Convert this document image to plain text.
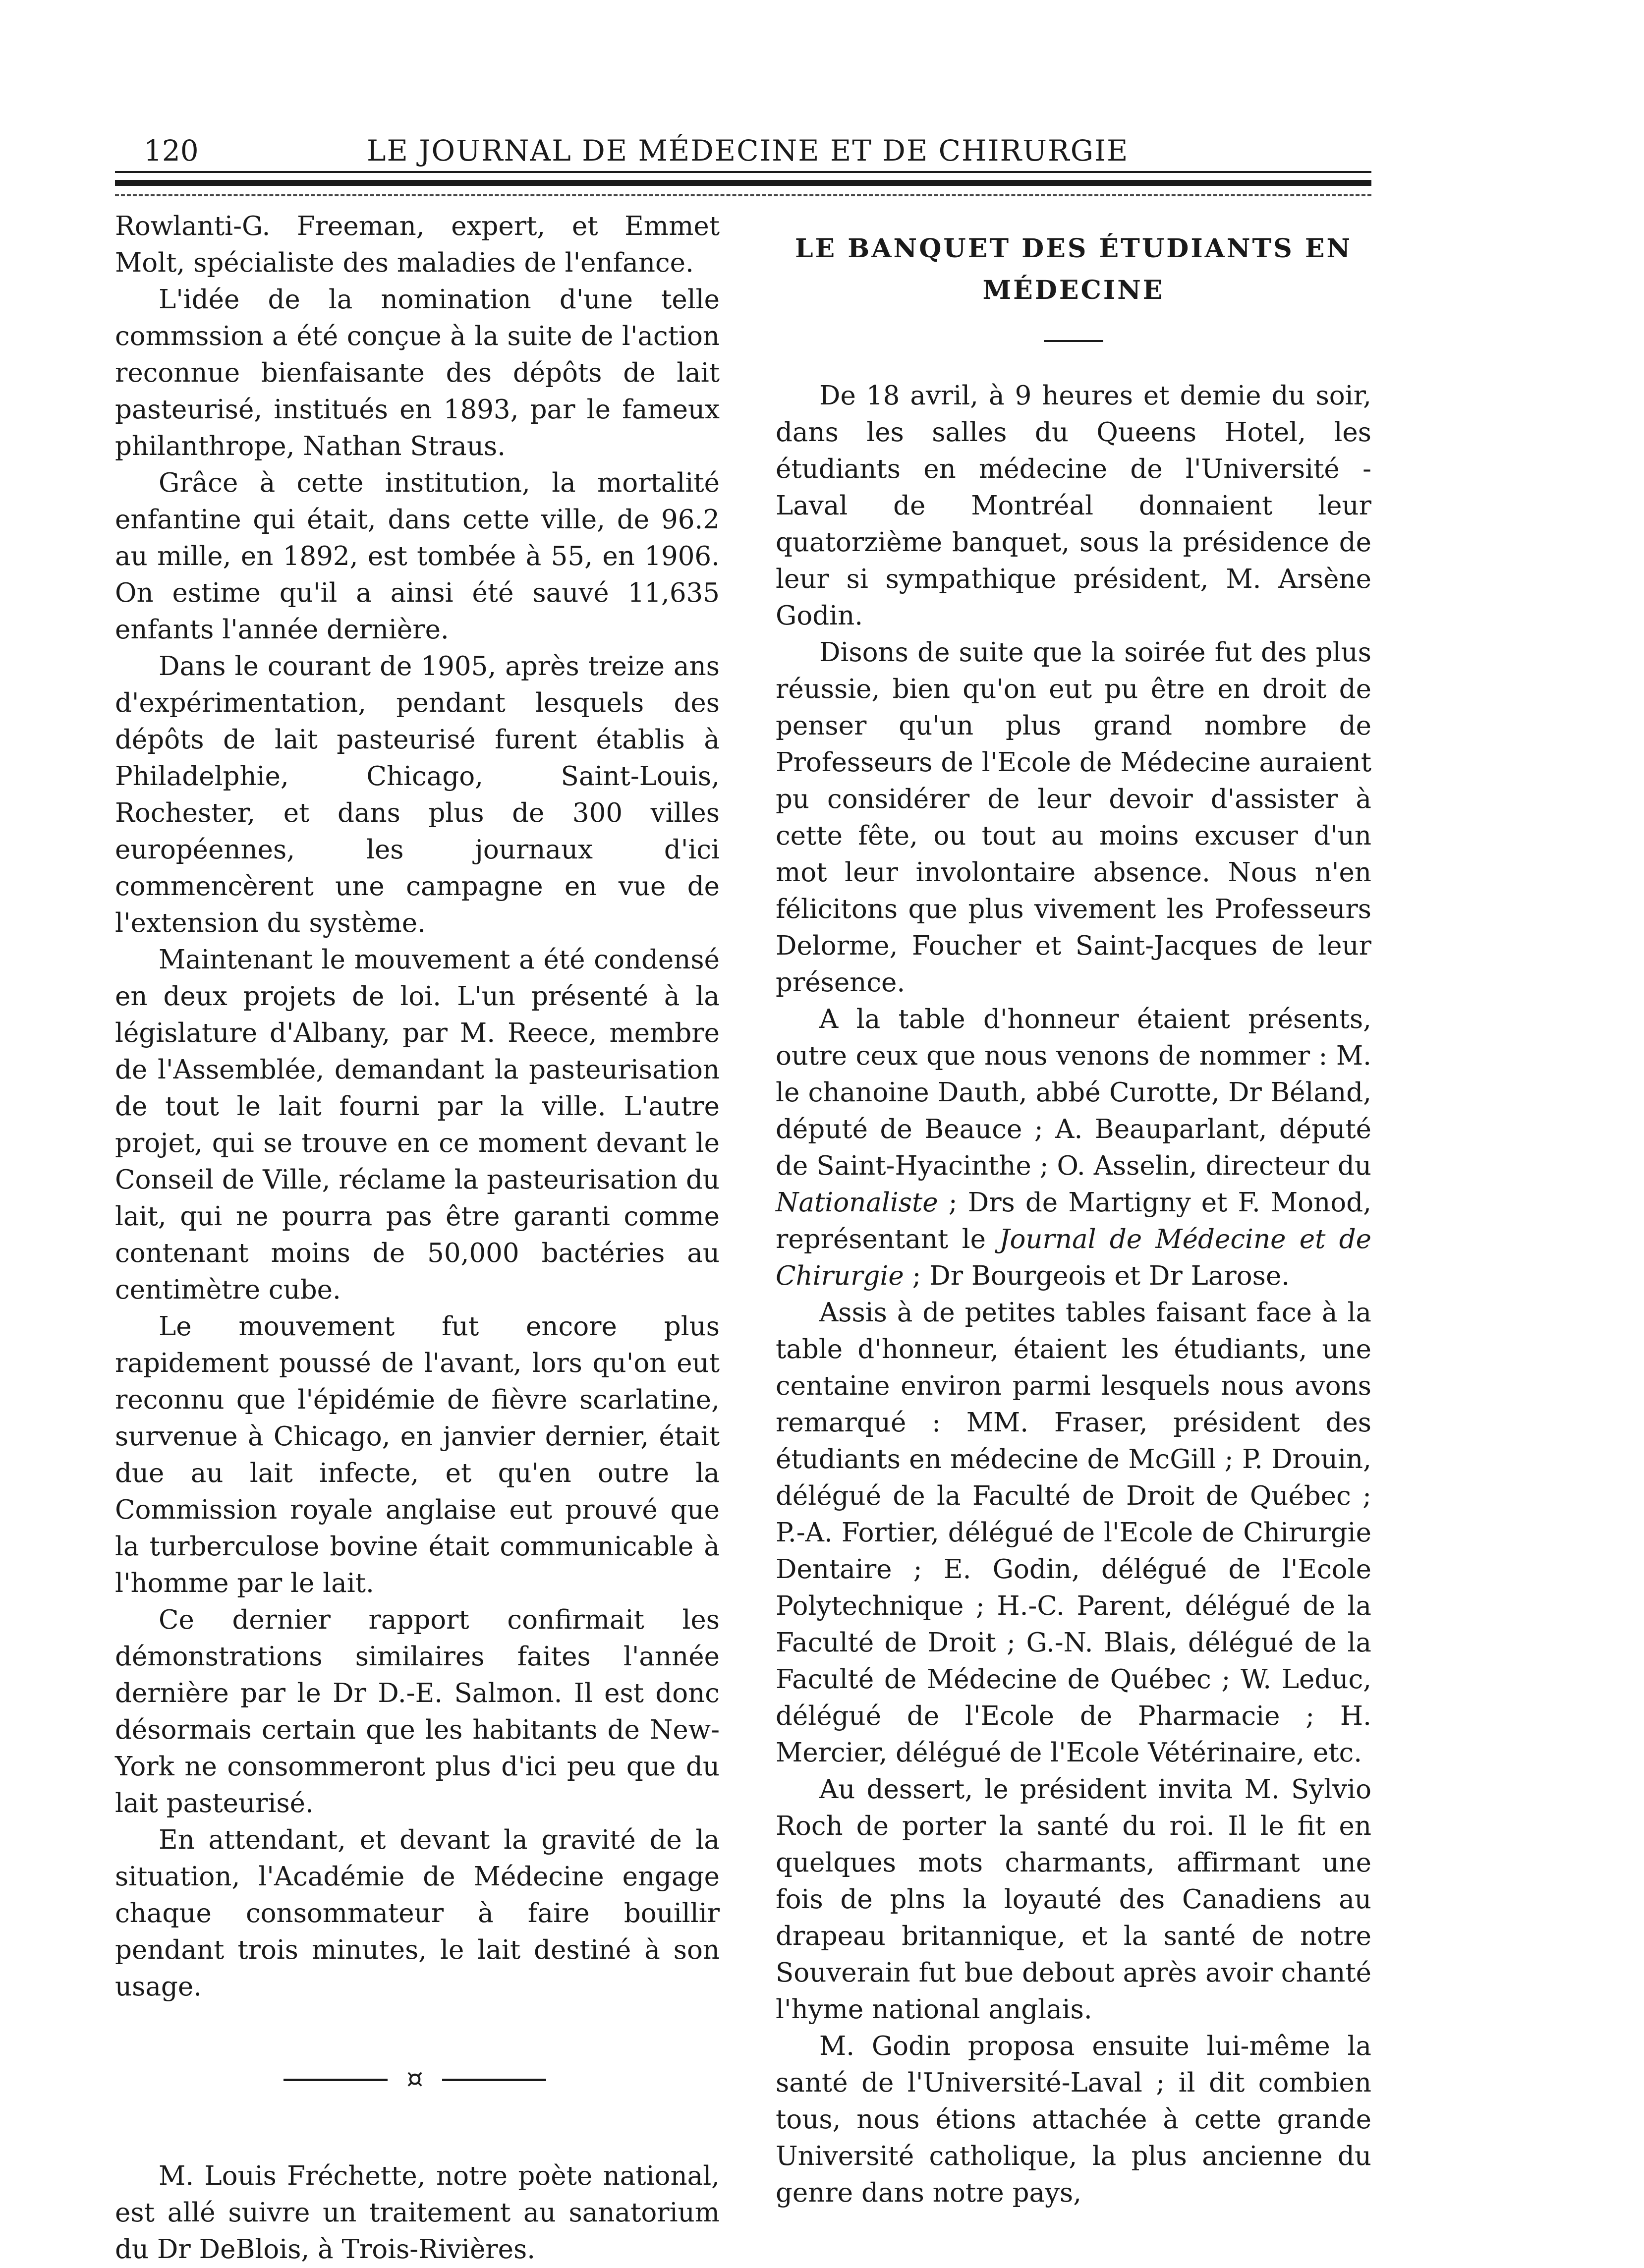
120	LE JOURNAL DE MÉDECINE ET DE CHIRURGIE

Rowlanti-G. Freeman, expert, et Emmet Molt, spécialiste des maladies de l'enfance.

L'idée de la nomination d'une telle commssion a été conçue à la suite de l'action reconnue bienfaisante des dépôts de lait pasteurisé, institués en 1893, par le fameux philanthrope, Nathan Straus.

Grâce à cette institution, la mortalité enfantine qui était, dans cette ville, de 96.2 au mille, en 1892, est tombée à 55, en 1906. On estime qu'il a ainsi été sauvé 11,635 enfants l'année dernière.

Dans le courant de 1905, après treize ans d'expérimentation, pendant lesquels des dépôts de lait pasteurisé furent établis à Philadelphie, Chicago, Saint-Louis, Rochester, et dans plus de 300 villes européennes, les journaux d'ici commencèrent une campagne en vue de l'extension du système.

Maintenant le mouvement a été condensé en deux projets de loi. L'un présenté à la législature d'Albany, par M. Reece, membre de l'Assemblée, demandant la pasteurisation de tout le lait fourni par la ville. L'autre projet, qui se trouve en ce moment devant le Conseil de Ville, réclame la pasteurisation du lait, qui ne pourra pas être garanti comme contenant moins de 50,000 bactéries au centimètre cube.

Le mouvement fut encore plus rapidement poussé de l'avant, lors qu'on eut reconnu que l'épidémie de fièvre scarlatine, survenue à Chicago, en janvier dernier, était due au lait infecte, et qu'en outre la Commission royale anglaise eut prouvé que la turberculose bovine était communicable à l'homme par le lait.

Ce dernier rapport confirmait les démonstrations similaires faites l'année dernière par le Dr D.-E. Salmon. Il est donc désormais certain que les habitants de New-York ne consommeront plus d'ici peu que du lait pasteurisé.

En attendant, et devant la gravité de la situation, l'Académie de Médecine engage chaque consommateur à faire bouillir pendant trois minutes, le lait destiné à son usage.

¤

M. Louis Fréchette, notre poète national, est allé suivre un traitement au sanatorium du Dr DeBlois, à Trois-Rivières.

LE BANQUET DES ÉTUDIANTS EN
MÉDECINE

De 18 avril, à 9 heures et demie du soir, dans les salles du Queens Hotel, les étudiants en médecine de l'Université - Laval de Montréal donnaient leur quatorzième banquet, sous la présidence de leur si sympathique président, M. Arsène Godin.

Disons de suite que la soirée fut des plus réussie, bien qu'on eut pu être en droit de penser qu'un plus grand nombre de Professeurs de l'Ecole de Médecine auraient pu considérer de leur devoir d'assister à cette fête, ou tout au moins excuser d'un mot leur involontaire absence. Nous n'en félicitons que plus vivement les Professeurs Delorme, Foucher et Saint-Jacques de leur présence.

A la table d'honneur étaient présents, outre ceux que nous venons de nommer : M. le chanoine Dauth, abbé Curotte, Dr Béland, député de Beauce ; A. Beauparlant, député de Saint-Hyacinthe ; O. Asselin, directeur du Nationaliste ; Drs de Martigny et F. Monod, représentant le Journal de Médecine et de Chirurgie ; Dr Bourgeois et Dr Larose.

Assis à de petites tables faisant face à la table d'honneur, étaient les étudiants, une centaine environ parmi lesquels nous avons remarqué : MM. Fraser, président des étudiants en médecine de McGill ; P. Drouin, délégué de la Faculté de Droit de Québec ; P.-A. Fortier, délégué de l'Ecole de Chirurgie Dentaire ; E. Godin, délégué de l'Ecole Polytechnique ; H.-C. Parent, délégué de la Faculté de Droit ; G.-N. Blais, délégué de la Faculté de Médecine de Québec ; W. Leduc, délégué de l'Ecole de Pharmacie ; H. Mercier, délégué de l'Ecole Vétérinaire, etc.

Au dessert, le président invita M. Sylvio Roch de porter la santé du roi. Il le fit en quelques mots charmants, affirmant une fois de plns la loyauté des Canadiens au drapeau britannique, et la santé de notre Souverain fut bue debout après avoir chanté l'hyme national anglais.

M. Godin proposa ensuite lui-même la santé de l'Université-Laval ; il dit combien tous, nous étions attachée à cette grande Université catholique, la plus ancienne du genre dans notre pays,
